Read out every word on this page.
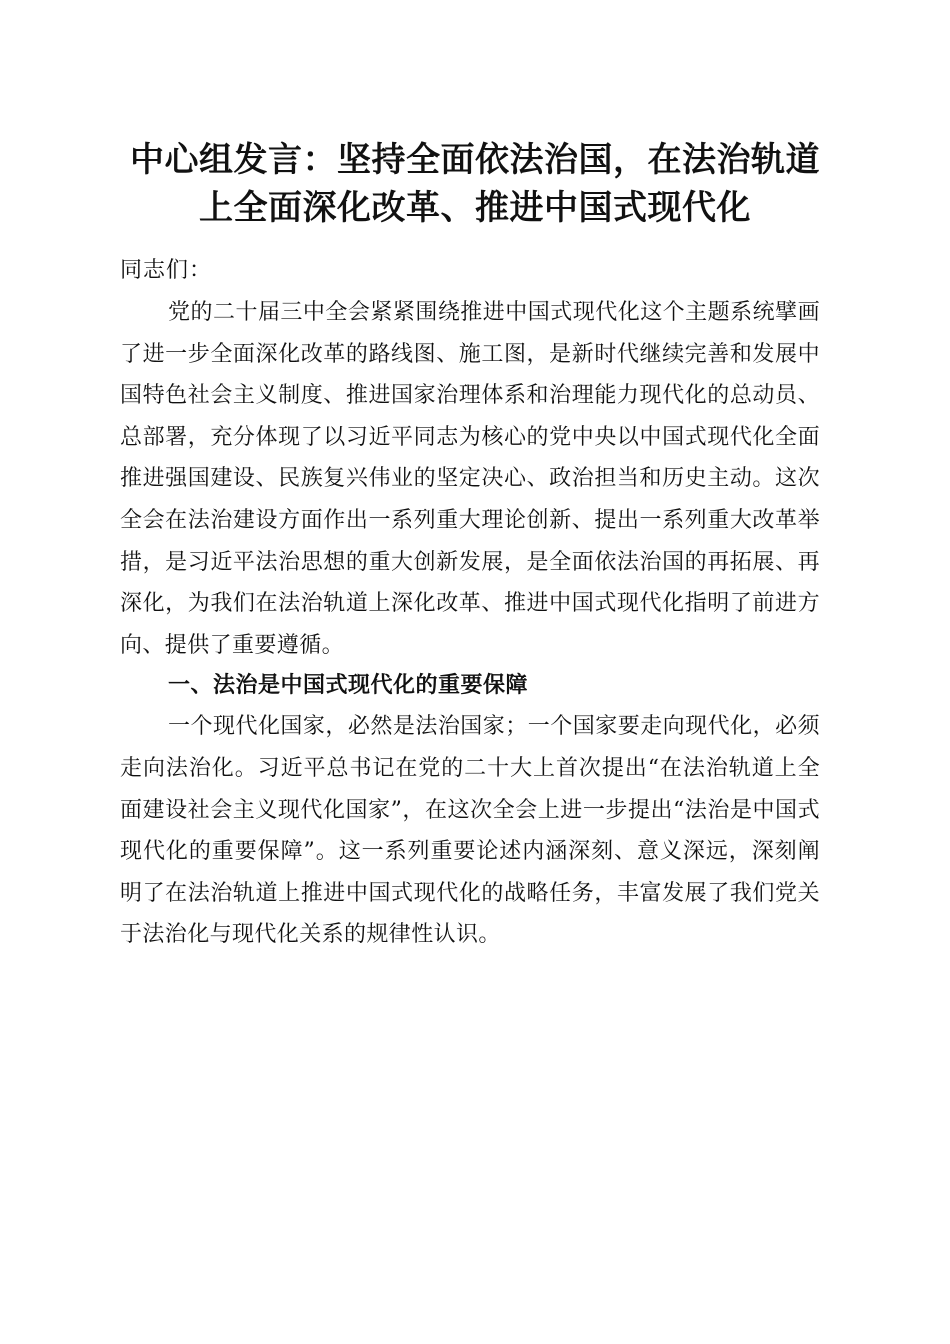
中心组发言：坚持全面依法治国，在法治轨道
上全面深化改革、推进中国式现代化
同志们：

党的二十届三中全会紧紧围绕推进中国式现代化这个主题系统擘画了进一步全面深化改革的路线图、施工图，是新时代继续完善和发展中国特色社会主义制度、推进国家治理体系和治理能力现代化的总动员、总部署，充分体现了以习近平同志为核心的党中央以中国式现代化全面推进强国建设、民族复兴伟业的坚定决心、政治担当和历史主动。这次全会在法治建设方面作出一系列重大理论创新、提出一系列重大改革举措，是习近平法治思想的重大创新发展，是全面依法治国的再拓展、再深化，为我们在法治轨道上深化改革、推进中国式现代化指明了前进方向、提供了重要遵循。

一、法治是中国式现代化的重要保障

一个现代化国家，必然是法治国家；一个国家要走向现代化，必须走向法治化。习近平总书记在党的二十大上首次提出“在法治轨道上全面建设社会主义现代化国家”，在这次全会上进一步提出“法治是中国式现代化的重要保障”。这一系列重要论述内涵深刻、意义深远，深刻阐明了在法治轨道上推进中国式现代化的战略任务，丰富发展了我们党关于法治化与现代化关系的规律性认识。
